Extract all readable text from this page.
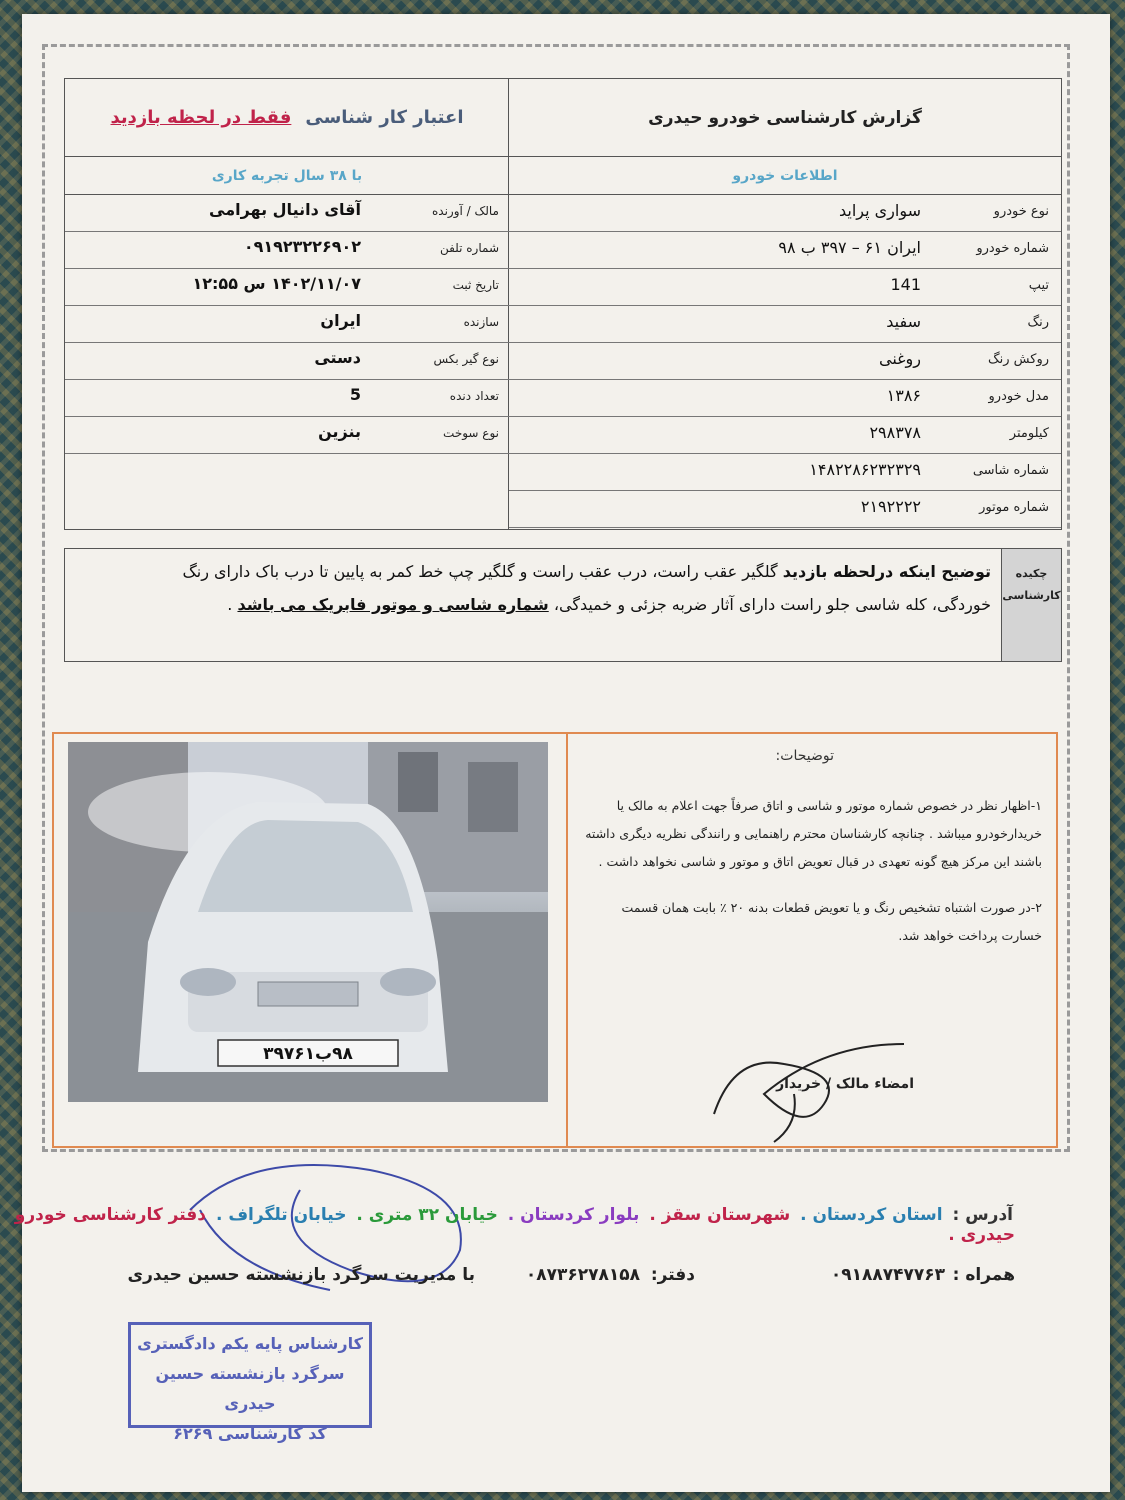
گزارش کارشناسی خودرو حیدری
اطلاعات خودرو
نوع خودرو
سواری پراید
شماره خودرو
ایران ۶۱ – ۳۹۷ ب ۹۸
تیپ
141
رنگ
سفید
روکش رنگ
روغنی
مدل خودرو
۱۳۸۶
کیلومتر
۲۹۸۳۷۸
شماره شاسی
۱۴۸۲۲۸۶۲۳۲۳۲۹
شماره موتور
۲۱۹۲۲۲۲
اعتبار کار شناسی
فقط در لحظه بازدید
با ۳۸ سال تجربه کاری
مالک / آورنده
آقای دانیال بهرامی
شماره تلفن
۰۹۱۹۲۳۲۲۶۹۰۲
تاریخ ثبت
۱۴۰۲/۱۱/۰۷ س ۱۲:۵۵
سازنده
ایران
نوع گیر بکس
دستی
تعداد دنده
5
نوع سوخت
بنزین
چکیده کارشناسی
توضیح اینکه درلحظه بازدید گلگیر عقب راست، درب عقب راست و گلگیر چپ خط کمر به پایین تا درب باک دارای رنگ خوردگی، کله شاسی جلو راست دارای آثار ضربه جزئی و خمیدگی، شماره شاسی و موتور فابریک می باشد .
۹۸ب۳۹۷۶۱
توضیحات:

۱-اظهار نظر در خصوص شماره موتور و شاسی و اتاق صرفاً جهت اعلام به مالک یا خریدارخودرو میباشد . چنانچه کارشناسان محترم راهنمایی و رانندگی نظریه دیگری داشته باشند این مرکز هیچ گونه تعهدی در قبال تعویض اتاق و موتور و شاسی نخواهد داشت .

۲-در صورت اشتباه تشخیص رنگ و یا تعویض قطعات بدنه ۲۰ ٪ بابت همان قسمت خسارت پرداخت خواهد شد.

امضاء مالک / خریدار
آدرس : استان کردستان . شهرستان سقز . بلوار کردستان . خیابان ۳۲ متری . خیابان تلگراف . دفتر کارشناسی خودرو حیدری .
همراه :
۰۹۱۸۸۷۴۷۷۶۳
دفتر:
۰۸۷۳۶۲۷۸۱۵۸
با مدیریت سرگرد بازنشسته حسین حیدری
کارشناس پایه یکم دادگستری
سرگرد بازنشسته حسین حیدری
کد کارشناسی ۶۲۶۹
